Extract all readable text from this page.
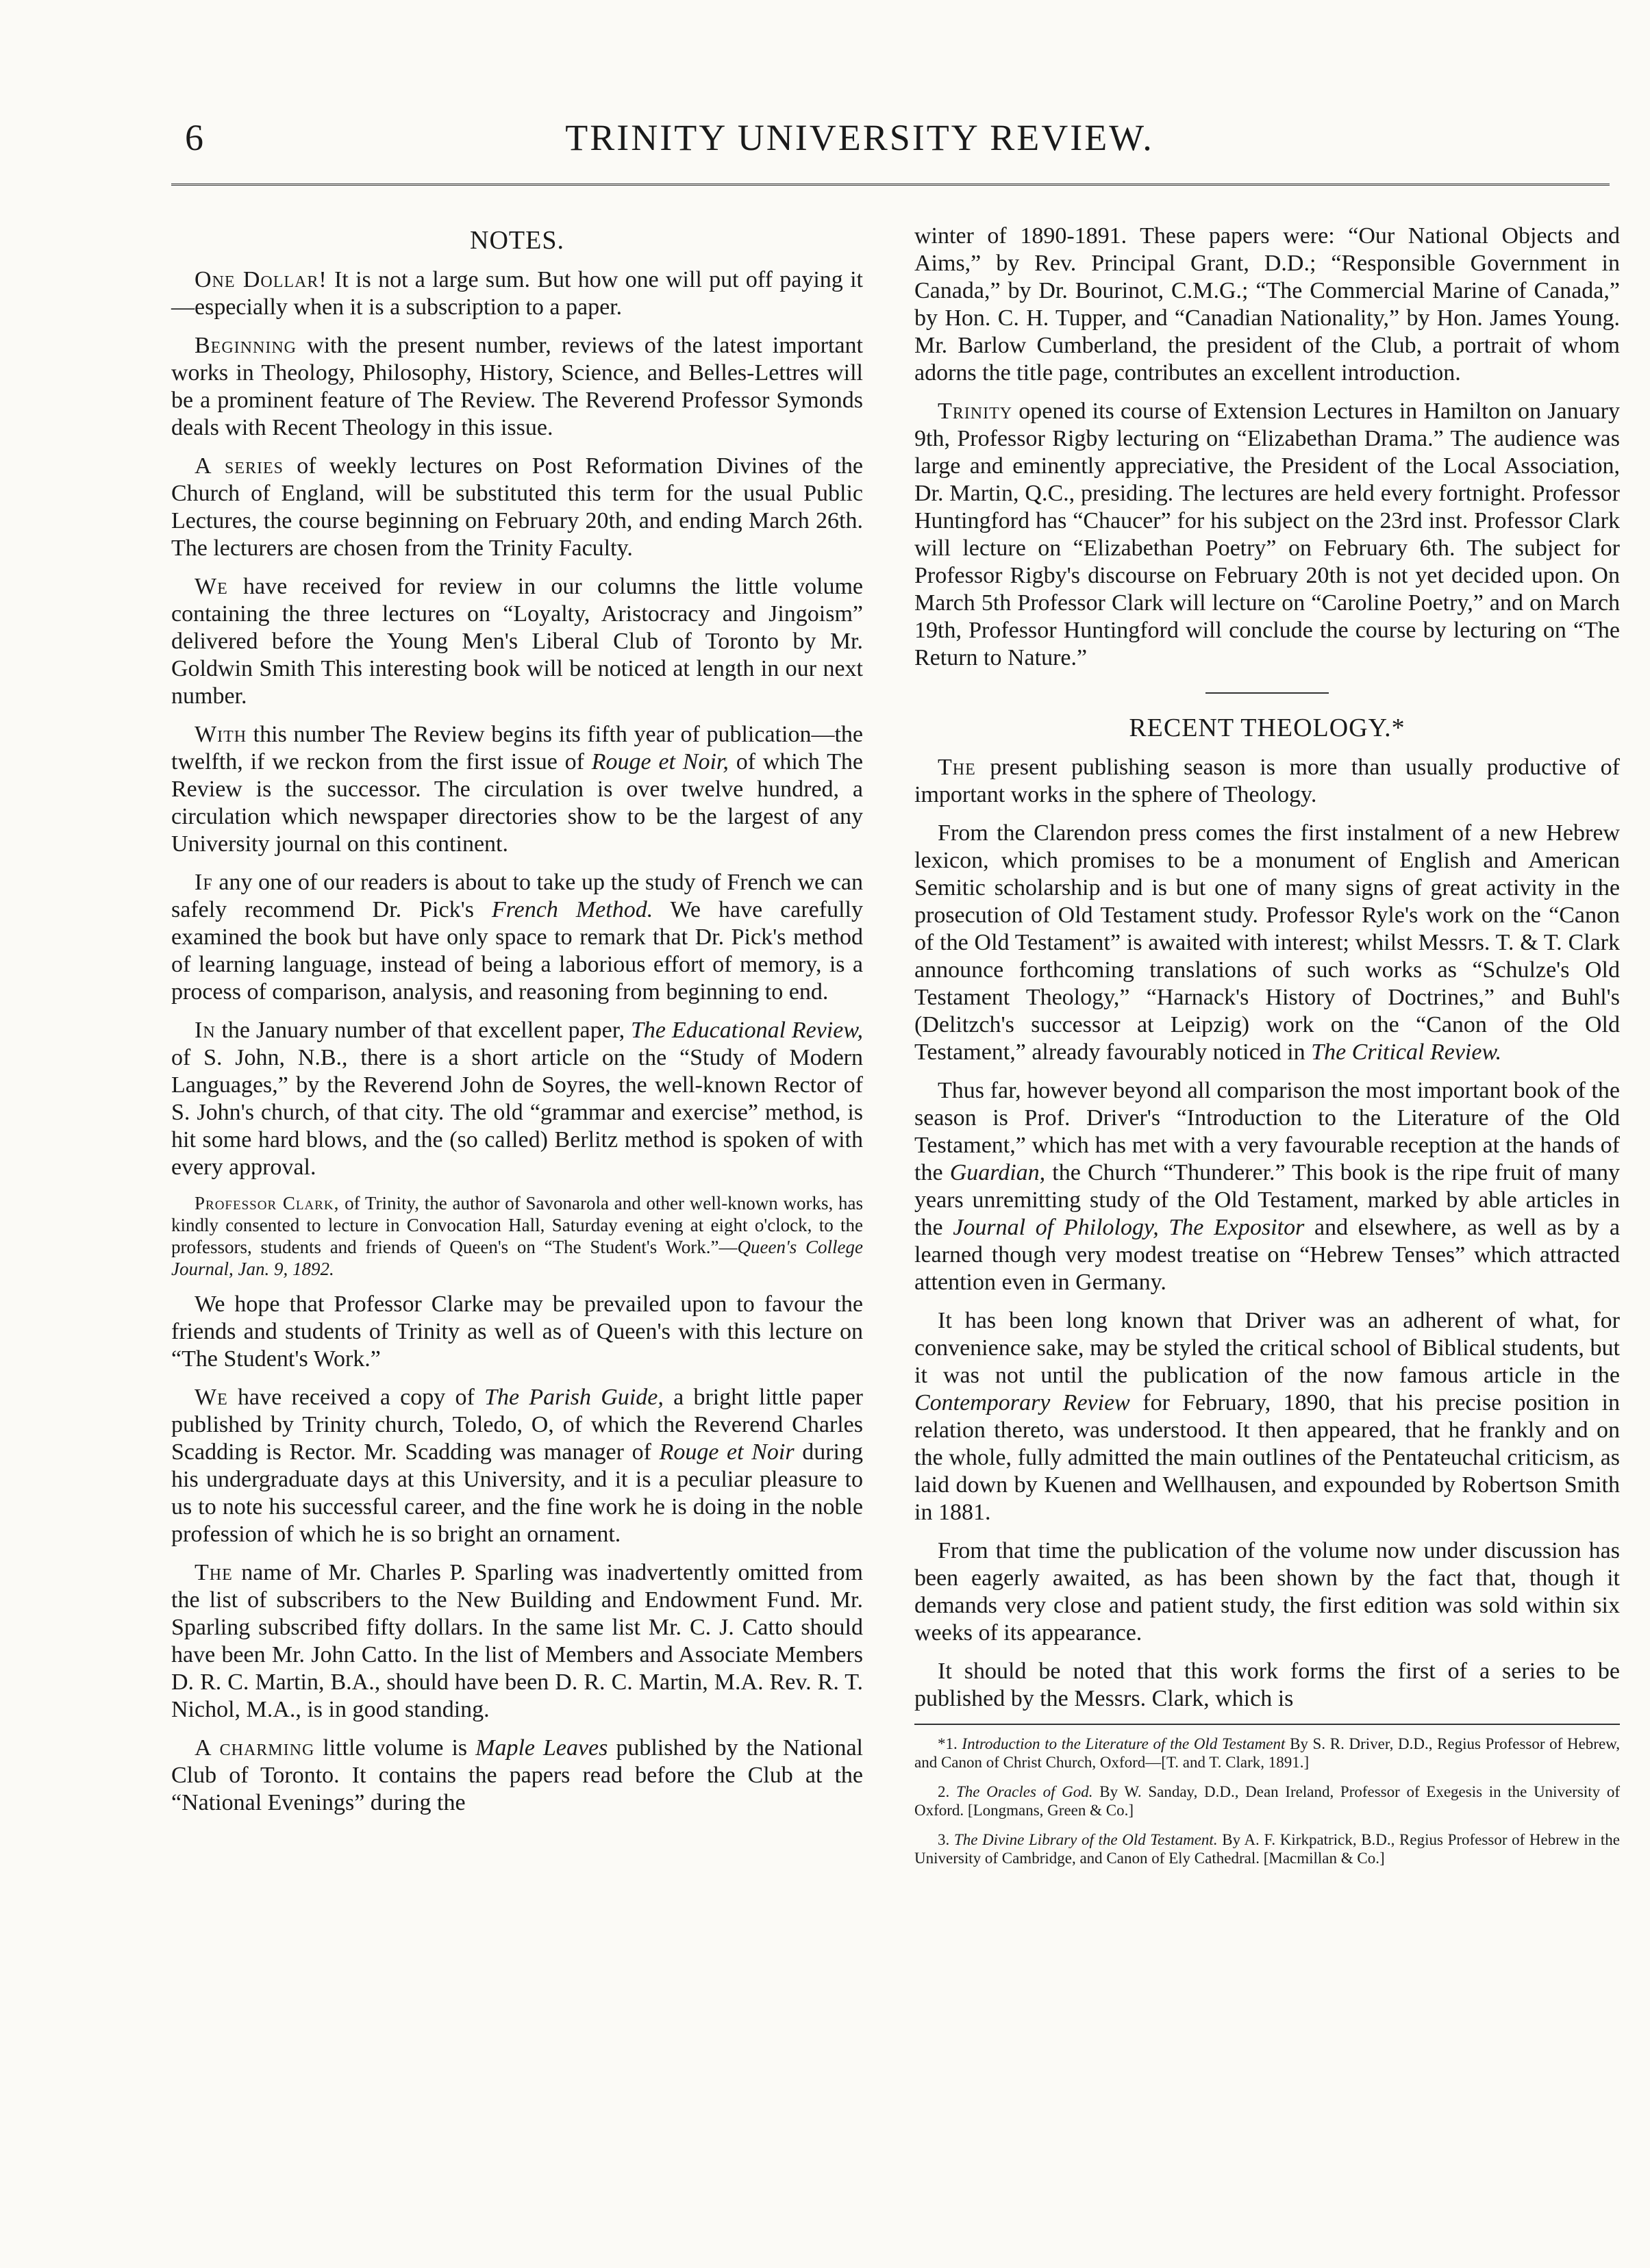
6	TRINITY UNIVERSITY REVIEW.
NOTES.

One Dollar! It is not a large sum. But how one will put off paying it—especially when it is a subscription to a paper.

Beginning with the present number, reviews of the latest important works in Theology, Philosophy, History, Science, and Belles-Lettres will be a prominent feature of The Review. The Reverend Professor Symonds deals with Recent Theology in this issue.

A series of weekly lectures on Post Reformation Divines of the Church of England, will be substituted this term for the usual Public Lectures, the course beginning on February 20th, and ending March 26th. The lecturers are chosen from the Trinity Faculty.

We have received for review in our columns the little volume containing the three lectures on “Loyalty, Aristocracy and Jingoism” delivered before the Young Men's Liberal Club of Toronto by Mr. Goldwin Smith This interesting book will be noticed at length in our next number.

With this number The Review begins its fifth year of publication—the twelfth, if we reckon from the first issue of Rouge et Noir, of which The Review is the successor. The circulation is over twelve hundred, a circulation which newspaper directories show to be the largest of any University journal on this continent.

If any one of our readers is about to take up the study of French we can safely recommend Dr. Pick's French Method. We have carefully examined the book but have only space to remark that Dr. Pick's method of learning language, instead of being a laborious effort of memory, is a process of comparison, analysis, and reasoning from beginning to end.

In the January number of that excellent paper, The Educational Review, of S. John, N.B., there is a short article on the “Study of Modern Languages,” by the Reverend John de Soyres, the well-known Rector of S. John's church, of that city. The old “grammar and exercise” method, is hit some hard blows, and the (so called) Berlitz method is spoken of with every approval.

Professor Clark, of Trinity, the author of Savonarola and other well-known works, has kindly consented to lecture in Convocation Hall, Saturday evening at eight o'clock, to the professors, students and friends of Queen's on “The Student's Work.”—Queen's College Journal, Jan. 9, 1892.

We hope that Professor Clarke may be prevailed upon to favour the friends and students of Trinity as well as of Queen's with this lecture on “The Student's Work.”

We have received a copy of The Parish Guide, a bright little paper published by Trinity church, Toledo, O, of which the Reverend Charles Scadding is Rector. Mr. Scadding was manager of Rouge et Noir during his undergraduate days at this University, and it is a peculiar pleasure to us to note his successful career, and the fine work he is doing in the noble profession of which he is so bright an ornament.

The name of Mr. Charles P. Sparling was inadvertently omitted from the list of subscribers to the New Building and Endowment Fund. Mr. Sparling subscribed fifty dollars. In the same list Mr. C. J. Catto should have been Mr. John Catto. In the list of Members and Associate Members D. R. C. Martin, B.A., should have been D. R. C. Martin, M.A. Rev. R. T. Nichol, M.A., is in good standing.

A charming little volume is Maple Leaves published by the National Club of Toronto. It contains the papers read before the Club at the “National Evenings” during the

winter of 1890-1891. These papers were: “Our National Objects and Aims,” by Rev. Principal Grant, D.D.; “Responsible Government in Canada,” by Dr. Bourinot, C.M.G.; “The Commercial Marine of Canada,” by Hon. C. H. Tupper, and “Canadian Nationality,” by Hon. James Young. Mr. Barlow Cumberland, the president of the Club, a portrait of whom adorns the title page, contributes an excellent introduction.

Trinity opened its course of Extension Lectures in Hamilton on January 9th, Professor Rigby lecturing on “Elizabethan Drama.” The audience was large and eminently appreciative, the President of the Local Association, Dr. Martin, Q.C., presiding. The lectures are held every fortnight. Professor Huntingford has “Chaucer” for his subject on the 23rd inst. Professor Clark will lecture on “Elizabethan Poetry” on February 6th. The subject for Professor Rigby's discourse on February 20th is not yet decided upon. On March 5th Professor Clark will lecture on “Caroline Poetry,” and on March 19th, Professor Huntingford will conclude the course by lecturing on “The Return to Nature.”

RECENT THEOLOGY.*

The present publishing season is more than usually productive of important works in the sphere of Theology.

From the Clarendon press comes the first instalment of a new Hebrew lexicon, which promises to be a monument of English and American Semitic scholarship and is but one of many signs of great activity in the prosecution of Old Testament study. Professor Ryle's work on the “Canon of the Old Testament” is awaited with interest; whilst Messrs. T. & T. Clark announce forthcoming translations of such works as “Schulze's Old Testament Theology,” “Harnack's History of Doctrines,” and Buhl's (Delitzch's successor at Leipzig) work on the “Canon of the Old Testament,” already favourably noticed in The Critical Review.

Thus far, however beyond all comparison the most important book of the season is Prof. Driver's “Introduction to the Literature of the Old Testament,” which has met with a very favourable reception at the hands of the Guardian, the Church “Thunderer.” This book is the ripe fruit of many years unremitting study of the Old Testament, marked by able articles in the Journal of Philology, The Expositor and elsewhere, as well as by a learned though very modest treatise on “Hebrew Tenses” which attracted attention even in Germany.

It has been long known that Driver was an adherent of what, for convenience sake, may be styled the critical school of Biblical students, but it was not until the publication of the now famous article in the Contemporary Review for February, 1890, that his precise position in relation thereto, was understood. It then appeared, that he frankly and on the whole, fully admitted the main outlines of the Pentateuchal criticism, as laid down by Kuenen and Wellhausen, and expounded by Robertson Smith in 1881.

From that time the publication of the volume now under discussion has been eagerly awaited, as has been shown by the fact that, though it demands very close and patient study, the first edition was sold within six weeks of its appearance.

It should be noted that this work forms the first of a series to be published by the Messrs. Clark, which is

*1. Introduction to the Literature of the Old Testament By S. R. Driver, D.D., Regius Professor of Hebrew, and Canon of Christ Church, Oxford—[T. and T. Clark, 1891.]

2. The Oracles of God. By W. Sanday, D.D., Dean Ireland, Professor of Exegesis in the University of Oxford. [Longmans, Green & Co.]

3. The Divine Library of the Old Testament. By A. F. Kirkpatrick, B.D., Regius Professor of Hebrew in the University of Cambridge, and Canon of Ely Cathedral. [Macmillan & Co.]
